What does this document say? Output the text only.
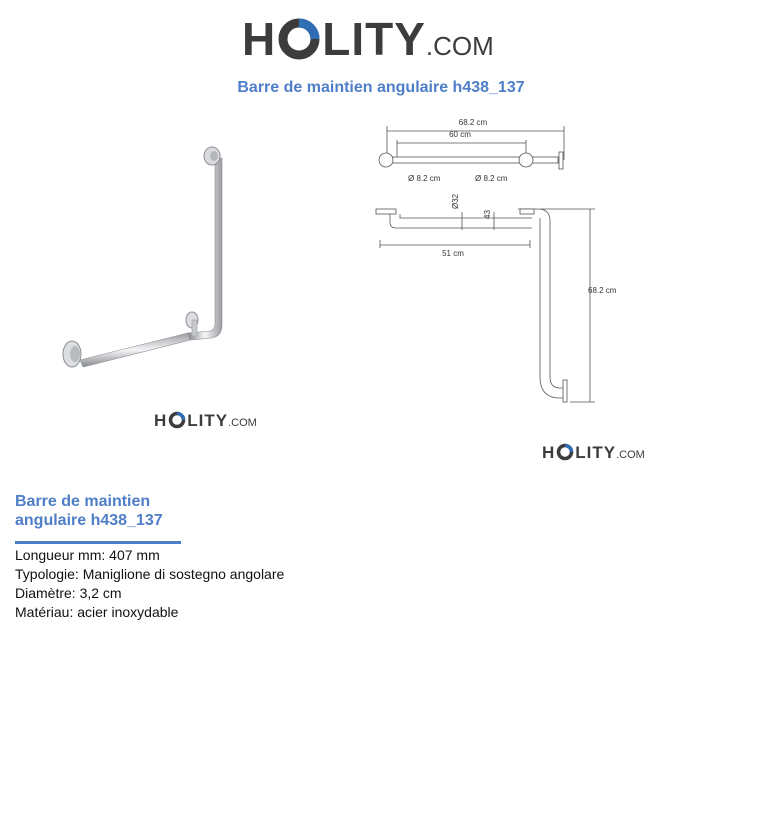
H LITY .COM
Barre de maintien angulaire h438_137
H LITY .COM
68.2 cm
60 cm
Ø 8.2 cm	Ø 8.2 cm
Ø32
43
51 cm
68.2 cm
H LITY .COM
Barre de maintien
angulaire h438_137
Longueur mm: 407 mm
Typologie: Maniglione di sostegno angolare
Diamètre: 3,2 cm
Matériau: acier inoxydable
